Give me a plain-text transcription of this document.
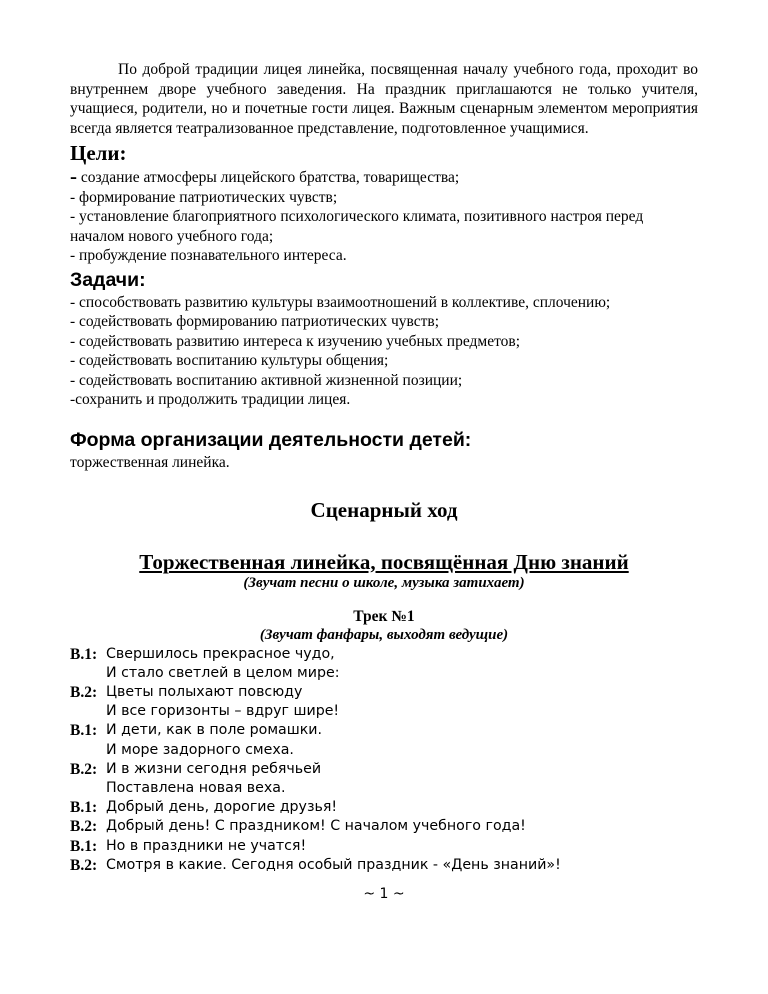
По доброй традиции лицея линейка, посвященная началу учебного года, проходит во внутреннем дворе учебного заведения. На праздник приглашаются не только учителя, учащиеся, родители, но и почетные гости лицея. Важным сценарным элементом мероприятия всегда является театрализованное представление, подготовленное учащимися.

Цели:

- создание атмосферы лицейского братства, товарищества;

- формирование патриотических чувств;

- установление благоприятного психологического климата, позитивного настроя перед началом нового учебного года;

- пробуждение познавательного интереса.

Задачи:

- способствовать развитию культуры взаимоотношений в коллективе, сплочению;

- содействовать формированию патриотических чувств;

- содействовать развитию интереса к изучению учебных предметов;

- содействовать воспитанию культуры общения;

- содействовать воспитанию активной жизненной позиции;

-сохранить и продолжить традиции лицея.

Форма организации деятельности детей:

торжественная линейка.

Сценарный ход
Торжественная линейка, посвящённая Дню знаний

(Звучат песни о школе, музыка затихает)

Трек №1

(Звучат фанфары, выходят ведущие)

В.1: Свершилось прекрасное чудо,
И стало светлей в целом мире:
В.2: Цветы полыхают повсюду
И все горизонты – вдруг шире!
В.1: И дети, как в поле ромашки.
И море задорного смеха.
В.2: И в жизни сегодня ребячьей
Поставлена новая веха.
В.1: Добрый день, дорогие друзья!
В.2: Добрый день! С праздником! С началом учебного года!
В.1: Но в праздники не учатся!
В.2: Смотря в какие. Сегодня особый праздник - «День знаний»!
~ 1 ~
